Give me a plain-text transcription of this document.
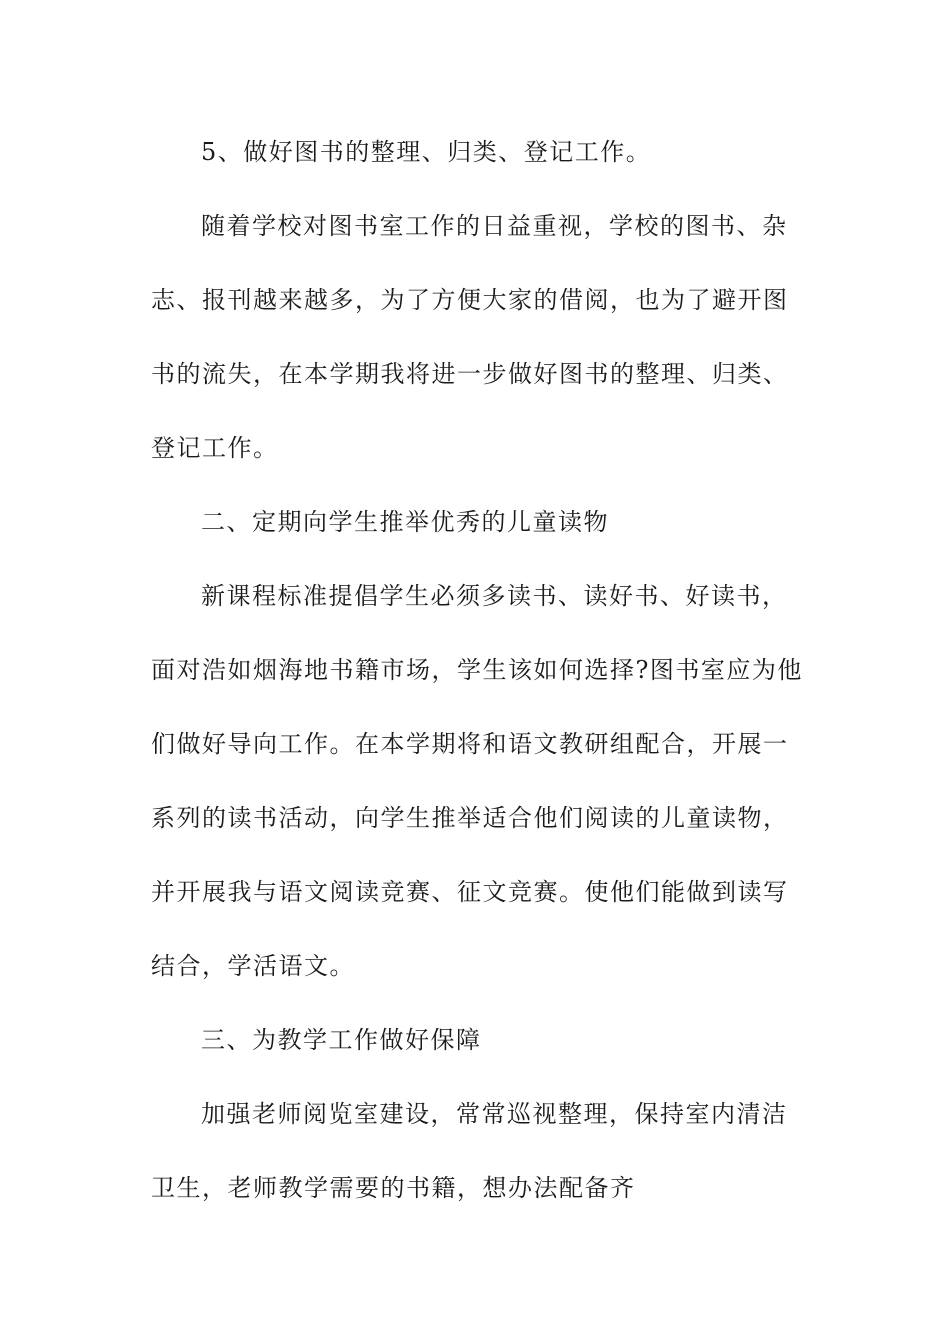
5、做好图书的整理、归类、登记工作。
随着学校对图书室工作的日益重视，学校的图书、杂
志、报刊越来越多，为了方便大家的借阅，也为了避开图
书的流失，在本学期我将进一步做好图书的整理、归类、
登记工作。
二、定期向学生推举优秀的儿童读物
新课程标准提倡学生必须多读书、读好书、好读书，
面对浩如烟海地书籍市场，学生该如何选择?图书室应为他
们做好导向工作。在本学期将和语文教研组配合，开展一
系列的读书活动，向学生推举适合他们阅读的儿童读物，
并开展我与语文阅读竞赛、征文竞赛。使他们能做到读写
结合，学活语文。
三、为教学工作做好保障
加强老师阅览室建设，常常巡视整理，保持室内清洁
卫生，老师教学需要的书籍，想办法配备齐
